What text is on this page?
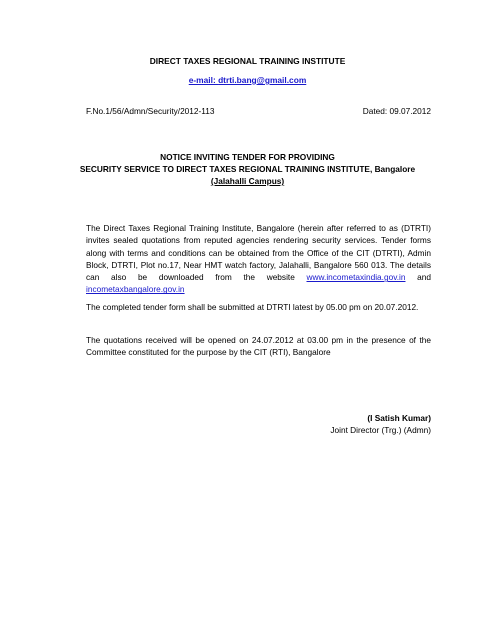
DIRECT TAXES REGIONAL TRAINING INSTITUTE
e-mail: dtrti.bang@gmail.com
F.No.1/56/Admn/Security/2012-113	Dated: 09.07.2012
NOTICE INVITING TENDER FOR PROVIDING
SECURITY SERVICE TO DIRECT TAXES REGIONAL TRAINING INSTITUTE, Bangalore
(Jalahalli Campus)
The Direct Taxes Regional Training Institute, Bangalore (herein after referred to as (DTRTI)
invites sealed quotations from reputed agencies rendering security services. Tender forms
along with terms and conditions can be obtained from the Office of the CIT (DTRTI), Admin
Block, DTRTI, Plot no.17, Near HMT watch factory, Jalahalli, Bangalore 560 013. The details
can also be downloaded from the website www.incometaxindia.gov.in and
incometaxbangalore.gov.in
The completed tender form shall be submitted at DTRTI latest by 05.00 pm on 20.07.2012.
The quotations received will be opened on 24.07.2012 at 03.00 pm in the presence of the
Committee constituted for the purpose by the CIT (RTI), Bangalore
(I Satish Kumar)
Joint Director (Trg.) (Admn)
